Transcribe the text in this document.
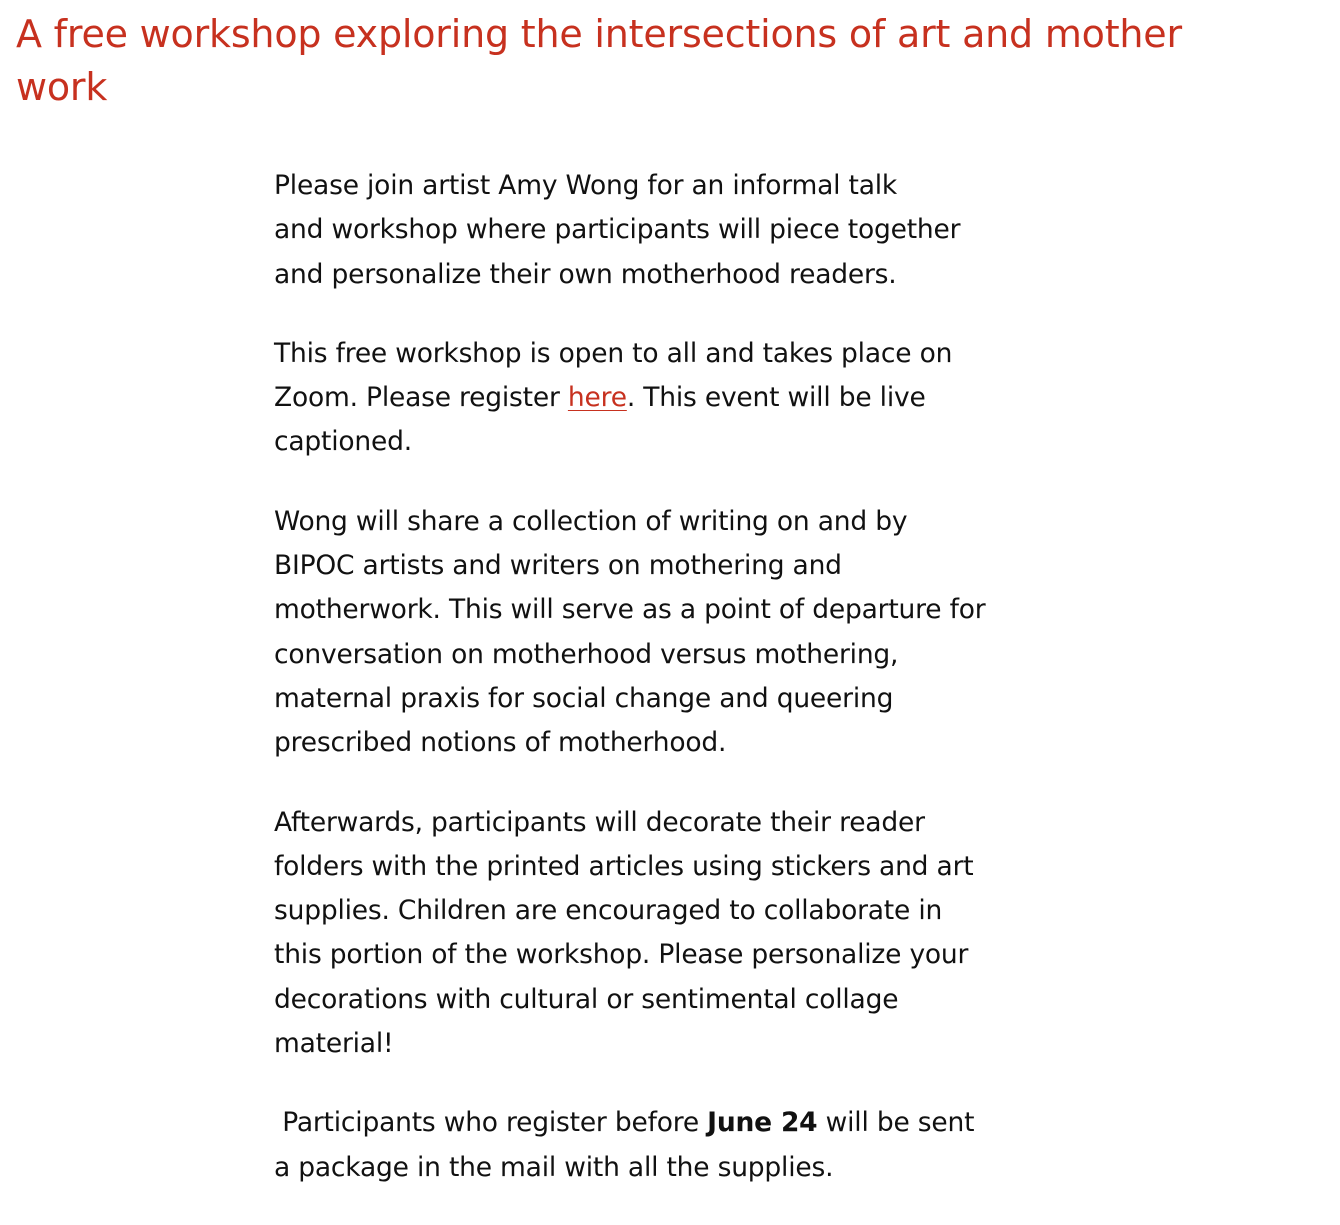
A free workshop exploring the intersections of art and mother
work

Please join artist Amy Wong for an informal talk
and workshop where participants will piece together
and personalize their own motherhood readers.

This free workshop is open to all and takes place on
Zoom. Please register here. This event will be live
captioned.

Wong will share a collection of writing on and by
BIPOC artists and writers on mothering and
motherwork. This will serve as a point of departure for
conversation on motherhood versus mothering,
maternal praxis for social change and queering
prescribed notions of motherhood.

Afterwards, participants will decorate their reader
folders with the printed articles using stickers and art
supplies. Children are encouraged to collaborate in
this portion of the workshop. Please personalize your
decorations with cultural or sentimental collage
material!

Participants who register before June 24 will be sent
a package in the mail with all the supplies.
